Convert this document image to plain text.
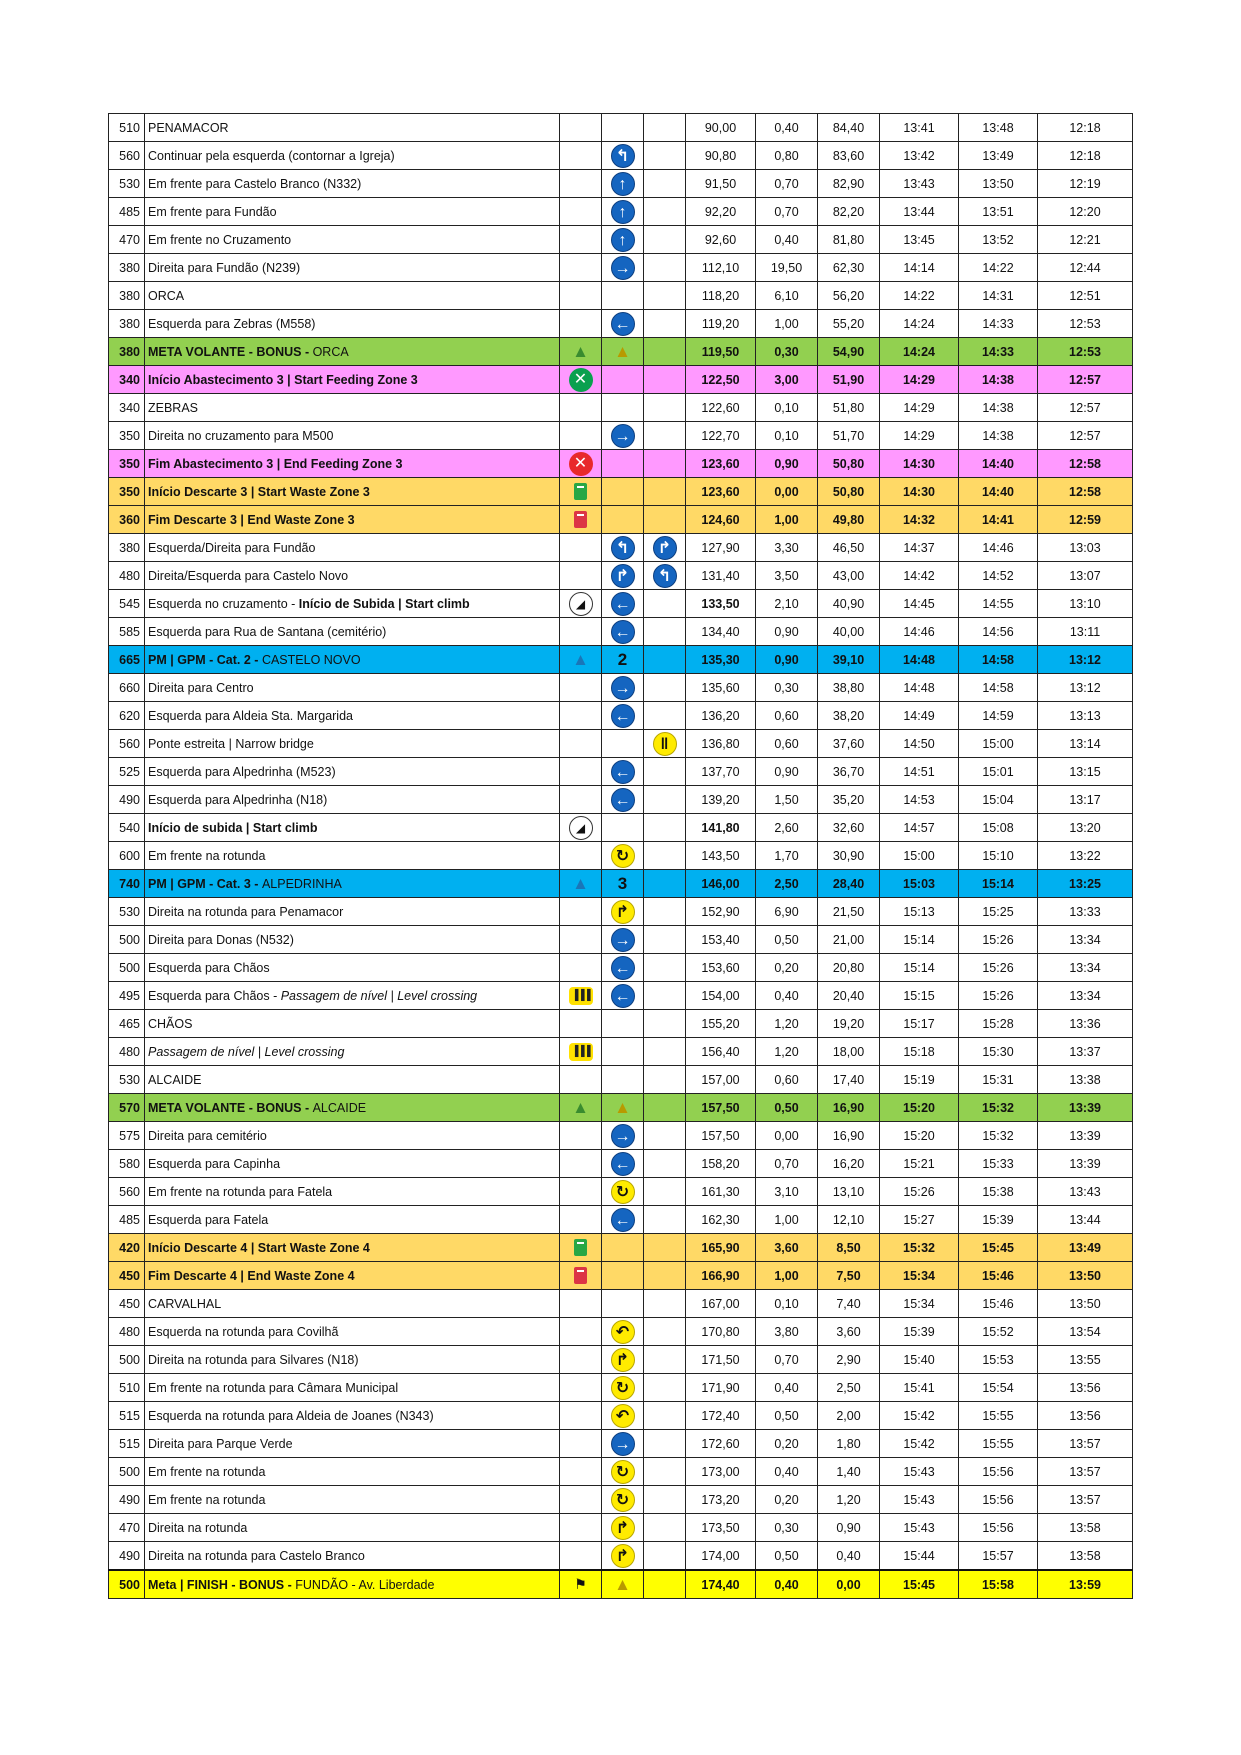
510	PENAMACOR				90,00	0,40	84,40	13:41	13:48	12:18
560	Continuar pela esquerda (contornar a Igreja)		↰		90,80	0,80	83,60	13:42	13:49	12:18
530	Em frente para Castelo Branco (N332)		↑		91,50	0,70	82,90	13:43	13:50	12:19
485	Em frente para Fundão		↑		92,20	0,70	82,20	13:44	13:51	12:20
470	Em frente no Cruzamento		↑		92,60	0,40	81,80	13:45	13:52	12:21
380	Direita para Fundão (N239)		→		112,10	19,50	62,30	14:14	14:22	12:44
380	ORCA				118,20	6,10	56,20	14:22	14:31	12:51
380	Esquerda para Zebras (M558)		←		119,20	1,00	55,20	14:24	14:33	12:53
380	META VOLANTE - BONUS - ORCA	▲	▲		119,50	0,30	54,90	14:24	14:33	12:53
340	Início Abastecimento 3 | Start Feeding Zone 3	✕			122,50	3,00	51,90	14:29	14:38	12:57
340	ZEBRAS				122,60	0,10	51,80	14:29	14:38	12:57
350	Direita no cruzamento para M500		→		122,70	0,10	51,70	14:29	14:38	12:57
350	Fim Abastecimento 3 | End Feeding Zone 3	✕			123,60	0,90	50,80	14:30	14:40	12:58
350	Início Descarte 3 | Start Waste Zone 3				123,60	0,00	50,80	14:30	14:40	12:58
360	Fim Descarte 3 | End Waste Zone 3				124,60	1,00	49,80	14:32	14:41	12:59
380	Esquerda/Direita para Fundão		↰	↱	127,90	3,30	46,50	14:37	14:46	13:03
480	Direita/Esquerda para Castelo Novo		↱	↰	131,40	3,50	43,00	14:42	14:52	13:07
545	Esquerda no cruzamento - Início de Subida | Start climb	◢	←		133,50	2,10	40,90	14:45	14:55	13:10
585	Esquerda para Rua de Santana (cemitério)		←		134,40	0,90	40,00	14:46	14:56	13:11
665	PM | GPM - Cat. 2 - CASTELO NOVO	▲	2		135,30	0,90	39,10	14:48	14:58	13:12
660	Direita para Centro		→		135,60	0,30	38,80	14:48	14:58	13:12
620	Esquerda para Aldeia Sta. Margarida		←		136,20	0,60	38,20	14:49	14:59	13:13
560	Ponte estreita | Narrow bridge			‖	136,80	0,60	37,60	14:50	15:00	13:14
525	Esquerda para Alpedrinha (M523)		←		137,70	0,90	36,70	14:51	15:01	13:15
490	Esquerda para Alpedrinha (N18)		←		139,20	1,50	35,20	14:53	15:04	13:17
540	Início de subida | Start climb	◢			141,80	2,60	32,60	14:57	15:08	13:20
600	Em frente na rotunda		↻		143,50	1,70	30,90	15:00	15:10	13:22
740	PM | GPM - Cat. 3 - ALPEDRINHA	▲	3		146,00	2,50	28,40	15:03	15:14	13:25
530	Direita na rotunda para Penamacor		↱		152,90	6,90	21,50	15:13	15:25	13:33
500	Direita para Donas (N532)		→		153,40	0,50	21,00	15:14	15:26	13:34
500	Esquerda para Chãos		←		153,60	0,20	20,80	15:14	15:26	13:34
495	Esquerda para Chãos - Passagem de nível | Level crossing	▐▐▐	←		154,00	0,40	20,40	15:15	15:26	13:34
465	CHÃOS				155,20	1,20	19,20	15:17	15:28	13:36
480	Passagem de nível | Level crossing	▐▐▐			156,40	1,20	18,00	15:18	15:30	13:37
530	ALCAIDE				157,00	0,60	17,40	15:19	15:31	13:38
570	META VOLANTE - BONUS - ALCAIDE	▲	▲		157,50	0,50	16,90	15:20	15:32	13:39
575	Direita para cemitério		→		157,50	0,00	16,90	15:20	15:32	13:39
580	Esquerda para Capinha		←		158,20	0,70	16,20	15:21	15:33	13:39
560	Em frente na rotunda para Fatela		↻		161,30	3,10	13,10	15:26	15:38	13:43
485	Esquerda para Fatela		←		162,30	1,00	12,10	15:27	15:39	13:44
420	Início Descarte 4 | Start Waste Zone 4				165,90	3,60	8,50	15:32	15:45	13:49
450	Fim Descarte 4 | End Waste Zone 4				166,90	1,00	7,50	15:34	15:46	13:50
450	CARVALHAL				167,00	0,10	7,40	15:34	15:46	13:50
480	Esquerda na rotunda para Covilhã		↶		170,80	3,80	3,60	15:39	15:52	13:54
500	Direita na rotunda para Silvares (N18)		↱		171,50	0,70	2,90	15:40	15:53	13:55
510	Em frente na rotunda para Câmara Municipal		↻		171,90	0,40	2,50	15:41	15:54	13:56
515	Esquerda na rotunda para Aldeia de Joanes (N343)		↶		172,40	0,50	2,00	15:42	15:55	13:56
515	Direita para Parque Verde		→		172,60	0,20	1,80	15:42	15:55	13:57
500	Em frente na rotunda		↻		173,00	0,40	1,40	15:43	15:56	13:57
490	Em frente na rotunda		↻		173,20	0,20	1,20	15:43	15:56	13:57
470	Direita na rotunda		↱		173,50	0,30	0,90	15:43	15:56	13:58
490	Direita na rotunda para Castelo Branco		↱		174,00	0,50	0,40	15:44	15:57	13:58
500	Meta | FINISH - BONUS - FUNDÃO - Av. Liberdade	⚑	▲		174,40	0,40	0,00	15:45	15:58	13:59
